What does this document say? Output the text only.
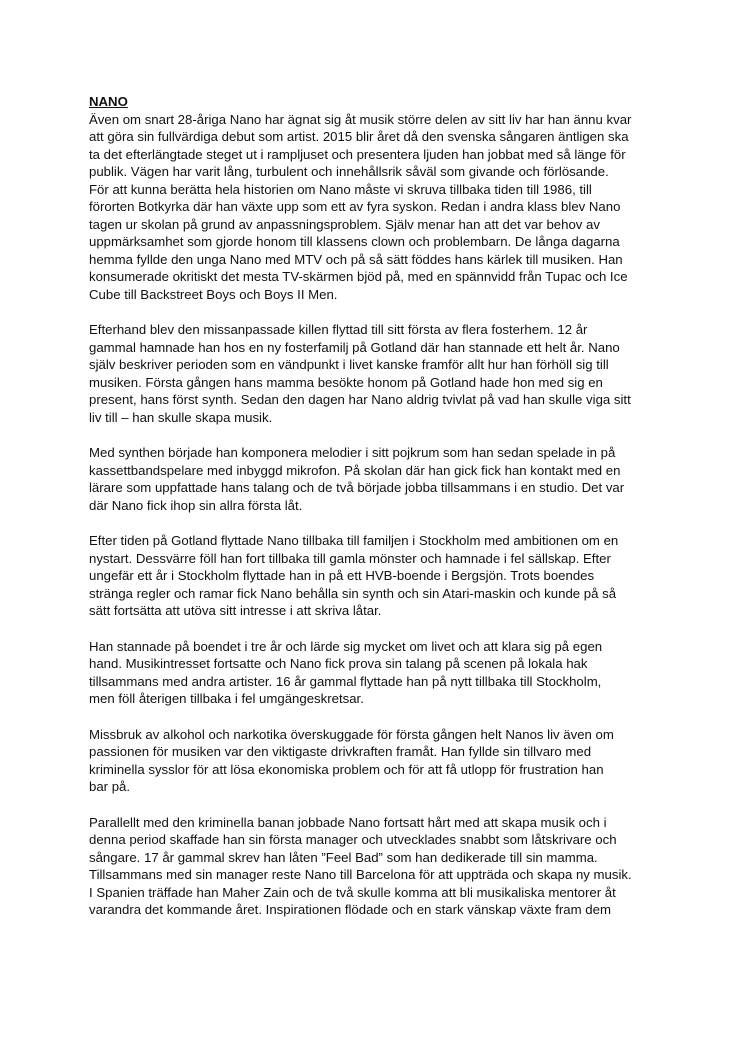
NANO

Även om snart 28-åriga Nano har ägnat sig åt musik större delen av sitt liv har han ännu kvar
att göra sin fullvärdiga debut som artist. 2015 blir året då den svenska sångaren äntligen ska
ta det efterlängtade steget ut i rampljuset och presentera ljuden han jobbat med så länge för
publik. Vägen har varit lång, turbulent och innehållsrik såväl som givande och förlösande.
För att kunna berätta hela historien om Nano måste vi skruva tillbaka tiden till 1986, till
förorten Botkyrka där han växte upp som ett av fyra syskon. Redan i andra klass blev Nano
tagen ur skolan på grund av anpassningsproblem. Själv menar han att det var behov av
uppmärksamhet som gjorde honom till klassens clown och problembarn. De långa dagarna
hemma fyllde den unga Nano med MTV och på så sätt föddes hans kärlek till musiken. Han
konsumerade okritiskt det mesta TV-skärmen bjöd på, med en spännvidd från Tupac och Ice
Cube till Backstreet Boys och Boys II Men.

Efterhand blev den missanpassade killen flyttad till sitt första av flera fosterhem. 12 år
gammal hamnade han hos en ny fosterfamilj på Gotland där han stannade ett helt år. Nano
själv beskriver perioden som en vändpunkt i livet kanske framför allt hur han förhöll sig till
musiken. Första gången hans mamma besökte honom på Gotland hade hon med sig en
present, hans först synth. Sedan den dagen har Nano aldrig tvivlat på vad han skulle viga sitt
liv till – han skulle skapa musik.

Med synthen började han komponera melodier i sitt pojkrum som han sedan spelade in på
kassettbandspelare med inbyggd mikrofon. På skolan där han gick fick han kontakt med en
lärare som uppfattade hans talang och de två började jobba tillsammans i en studio. Det var
där Nano fick ihop sin allra första låt.

Efter tiden på Gotland flyttade Nano tillbaka till familjen i Stockholm med ambitionen om en
nystart. Dessvärre föll han fort tillbaka till gamla mönster och hamnade i fel sällskap. Efter
ungefär ett år i Stockholm flyttade han in på ett HVB-boende i Bergsjön. Trots boendes
stränga regler och ramar fick Nano behålla sin synth och sin Atari-maskin och kunde på så
sätt fortsätta att utöva sitt intresse i att skriva låtar.

Han stannade på boendet i tre år och lärde sig mycket om livet och att klara sig på egen
hand. Musikintresset fortsatte och Nano fick prova sin talang på scenen på lokala hak
tillsammans med andra artister. 16 år gammal flyttade han på nytt tillbaka till Stockholm,
men föll återigen tillbaka i fel umgängeskretsar.

Missbruk av alkohol och narkotika överskuggade för första gången helt Nanos liv även om
passionen för musiken var den viktigaste drivkraften framåt. Han fyllde sin tillvaro med
kriminella sysslor för att lösa ekonomiska problem och för att få utlopp för frustration han
bar på.

Parallellt med den kriminella banan jobbade Nano fortsatt hårt med att skapa musik och i
denna period skaffade han sin första manager och utvecklades snabbt som låtskrivare och
sångare. 17 år gammal skrev han låten ”Feel Bad” som han dedikerade till sin mamma.
Tillsammans med sin manager reste Nano till Barcelona för att uppträda och skapa ny musik.
I Spanien träffade han Maher Zain och de två skulle komma att bli musikaliska mentorer åt
varandra det kommande året. Inspirationen flödade och en stark vänskap växte fram dem
